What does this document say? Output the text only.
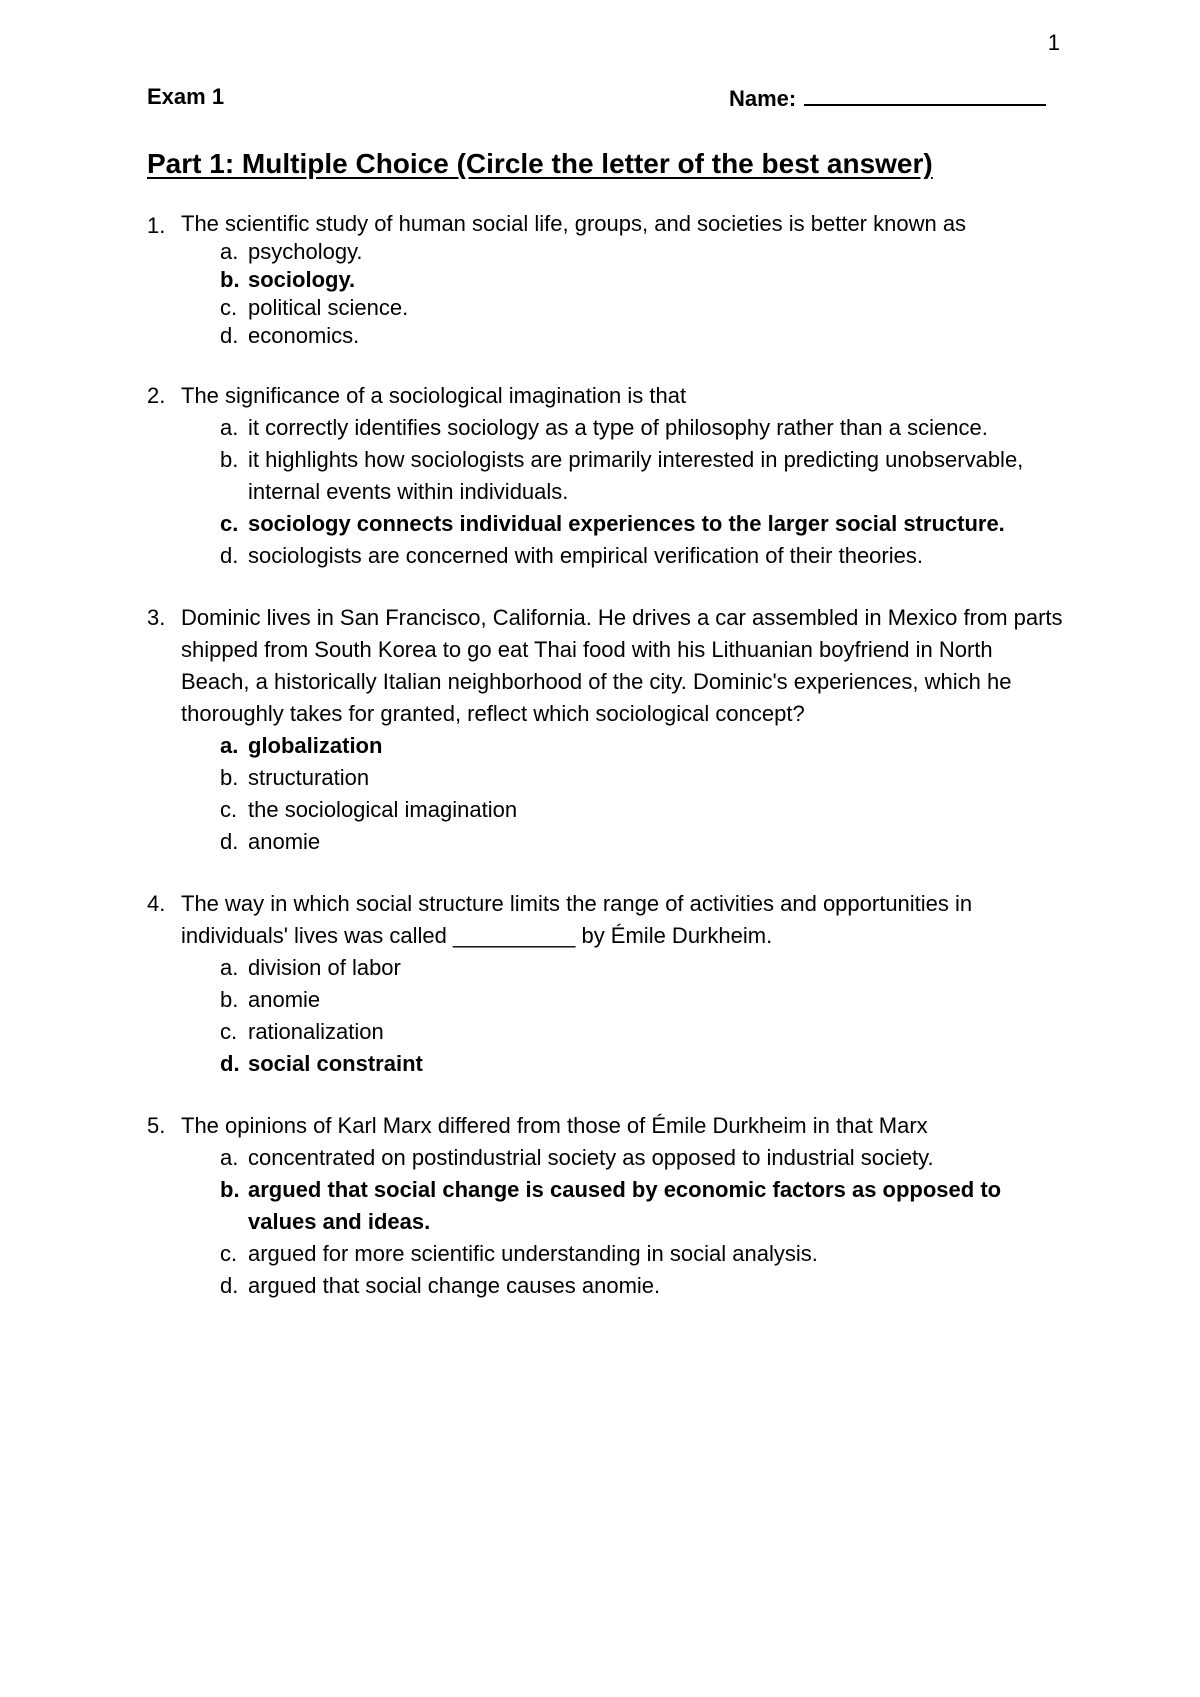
1
Exam 1	Name:
Part 1: Multiple Choice (Circle the letter of the best answer)
1. The scientific study of human social life, groups, and societies is better known as
a. psychology.
b. sociology.
c. political science.
d. economics.
2. The significance of a sociological imagination is that
a. it correctly identifies sociology as a type of philosophy rather than a science.
b. it highlights how sociologists are primarily interested in predicting unobservable, internal events within individuals.
c. sociology connects individual experiences to the larger social structure.
d. sociologists are concerned with empirical verification of their theories.
3. Dominic lives in San Francisco, California. He drives a car assembled in Mexico from parts shipped from South Korea to go eat Thai food with his Lithuanian boyfriend in North Beach, a historically Italian neighborhood of the city. Dominic's experiences, which he thoroughly takes for granted, reflect which sociological concept?
a. globalization
b. structuration
c. the sociological imagination
d. anomie
4. The way in which social structure limits the range of activities and opportunities in individuals' lives was called __________ by Émile Durkheim.
a. division of labor
b. anomie
c. rationalization
d. social constraint
5. The opinions of Karl Marx differed from those of Émile Durkheim in that Marx
a. concentrated on postindustrial society as opposed to industrial society.
b. argued that social change is caused by economic factors as opposed to values and ideas.
c. argued for more scientific understanding in social analysis.
d. argued that social change causes anomie.
